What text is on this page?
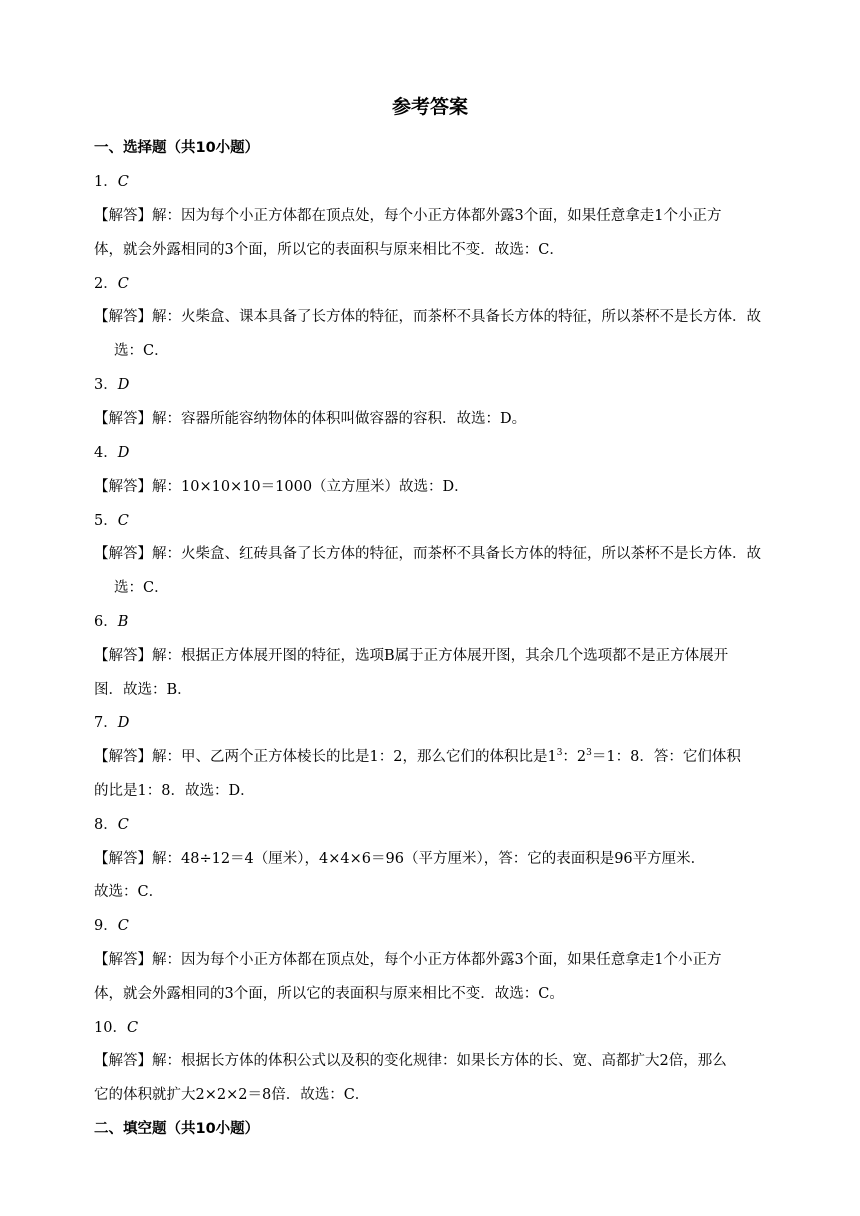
参考答案
一、选择题（共10小题）
1．C
【解答】解：因为每个小正方体都在顶点处，每个小正方体都外露3个面，如果任意拿走1个小正方
体，就会外露相同的3个面，所以它的表面积与原来相比不变．故选：C．
2．C
【解答】解：火柴盒、课本具备了长方体的特征，而茶杯不具备长方体的特征，所以茶杯不是长方体．故
选：C．
3．D
【解答】解：容器所能容纳物体的体积叫做容器的容积．故选：D。
4．D
【解答】解：10×10×10＝1000（立方厘米）故选：D．
5．C
【解答】解：火柴盒、红砖具备了长方体的特征，而茶杯不具备长方体的特征，所以茶杯不是长方体．故
选：C．
6．B
【解答】解：根据正方体展开图的特征，选项B属于正方体展开图，其余几个选项都不是正方体展开
图．故选：B．
7．D
【解答】解：甲、乙两个正方体棱长的比是1：2，那么它们的体积比是$1^3$：$2^3=1$：8．答：它们体积
的比是1：8．故选：D．
8．C
【解答】解：48÷12＝4（厘米），4×4×6＝96（平方厘米），答：它的表面积是96平方厘米．
故选：C．
9．C
【解答】解：因为每个小正方体都在顶点处，每个小正方体都外露3个面，如果任意拿走1个小正方
体，就会外露相同的3个面，所以它的表面积与原来相比不变．故选：C。
10．C
【解答】解：根据长方体的体积公式以及积的变化规律：如果长方体的长、宽、高都扩大2倍，那么
它的体积就扩大2×2×2＝8倍．故选：C．
二、填空题（共10小题）
